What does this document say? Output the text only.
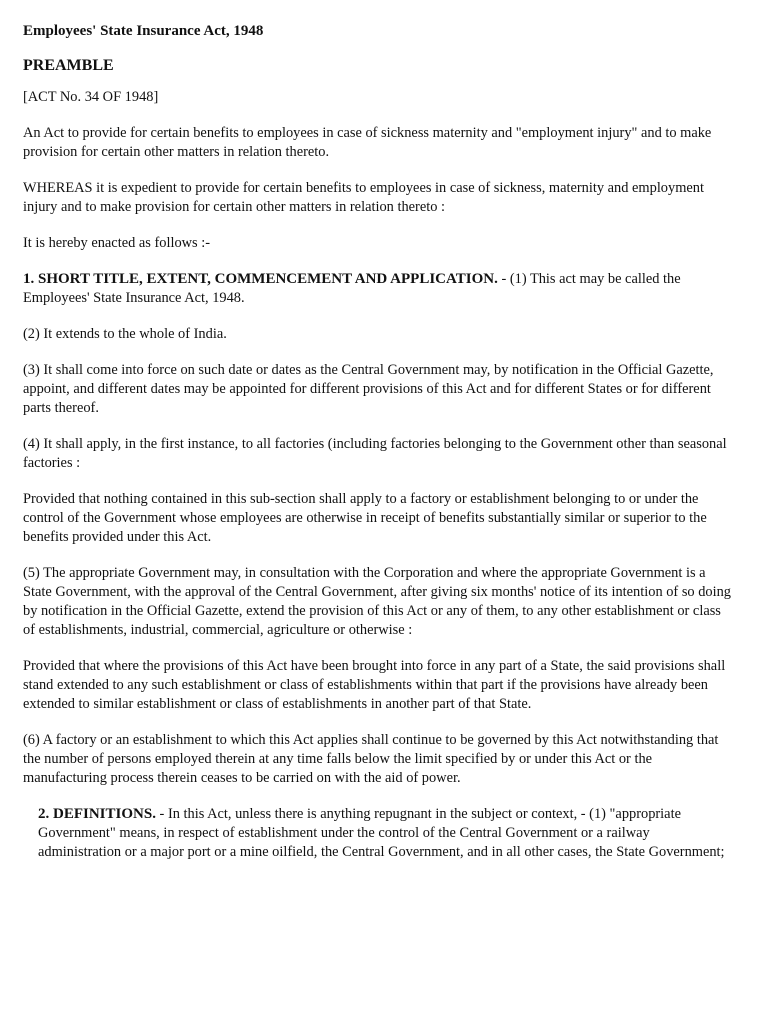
Employees' State Insurance Act, 1948
PREAMBLE

[ACT No. 34 OF 1948]

An Act to provide for certain benefits to employees in case of sickness maternity and "employment injury" and to make provision for certain other matters in relation thereto.

WHEREAS it is expedient to provide for certain benefits to employees in case of sickness, maternity and employment injury and to make provision for certain other matters in relation thereto :

It is hereby enacted as follows :-

1. SHORT TITLE, EXTENT, COMMENCEMENT AND APPLICATION. - (1) This act may be called the Employees' State Insurance Act, 1948.

(2) It extends to the whole of India.

(3) It shall come into force on such date or dates as the Central Government may, by notification in the Official Gazette, appoint, and different dates may be appointed for different provisions of this Act and for different States or for different parts thereof.

(4) It shall apply, in the first instance, to all factories (including factories belonging to the Government other than seasonal factories :

Provided that nothing contained in this sub-section shall apply to a factory or establishment belonging to or under the control of the Government whose employees are otherwise in receipt of benefits substantially similar or superior to the benefits provided under this Act.

(5) The appropriate Government may, in consultation with the Corporation and where the appropriate Government is a State Government, with the approval of the Central Government, after giving six months' notice of its intention of so doing by notification in the Official Gazette, extend the provision of this Act or any of them, to any other establishment or class of establishments, industrial, commercial, agriculture or otherwise :

Provided that where the provisions of this Act have been brought into force in any part of a State, the said provisions shall stand extended to any such establishment or class of establishments within that part if the provisions have already been extended to similar establishment or class of establishments in another part of that State.

(6) A factory or an establishment to which this Act applies shall continue to be governed by this Act notwithstanding that the number of persons employed therein at any time falls below the limit specified by or under this Act or the manufacturing process therein ceases to be carried on with the aid of power.

2. DEFINITIONS. - In this Act, unless there is anything repugnant in the subject or context, - (1) "appropriate Government" means, in respect of establishment under the control of the Central Government or a railway administration or a major port or a mine oilfield, the Central Government, and in all other cases, the State Government;
